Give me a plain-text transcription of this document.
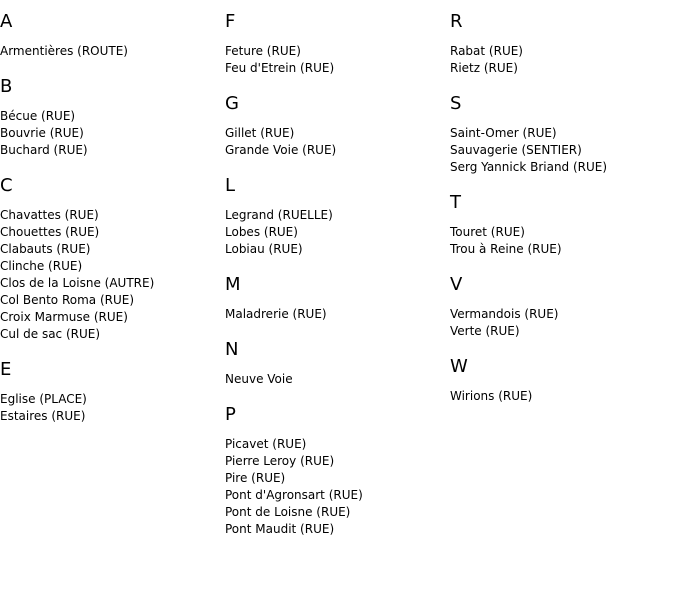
A
Armentières (ROUTE)
B
Bécue (RUE)
Bouvrie (RUE)
Buchard (RUE)
C
Chavattes (RUE)
Chouettes (RUE)
Clabauts (RUE)
Clinche (RUE)
Clos de la Loisne (AUTRE)
Col Bento Roma (RUE)
Croix Marmuse (RUE)
Cul de sac (RUE)
E
Eglise (PLACE)
Estaires (RUE)
F
Feture (RUE)
Feu d'Etrein (RUE)
G
Gillet (RUE)
Grande Voie (RUE)
L
Legrand (RUELLE)
Lobes (RUE)
Lobiau (RUE)
M
Maladrerie (RUE)
N
Neuve Voie
P
Picavet (RUE)
Pierre Leroy (RUE)
Pire (RUE)
Pont d'Agronsart (RUE)
Pont de Loisne (RUE)
Pont Maudit (RUE)
R
Rabat (RUE)
Rietz (RUE)
S
Saint-Omer (RUE)
Sauvagerie (SENTIER)
Serg Yannick Briand (RUE)
T
Touret (RUE)
Trou à Reine (RUE)
V
Vermandois (RUE)
Verte (RUE)
W
Wirions (RUE)
